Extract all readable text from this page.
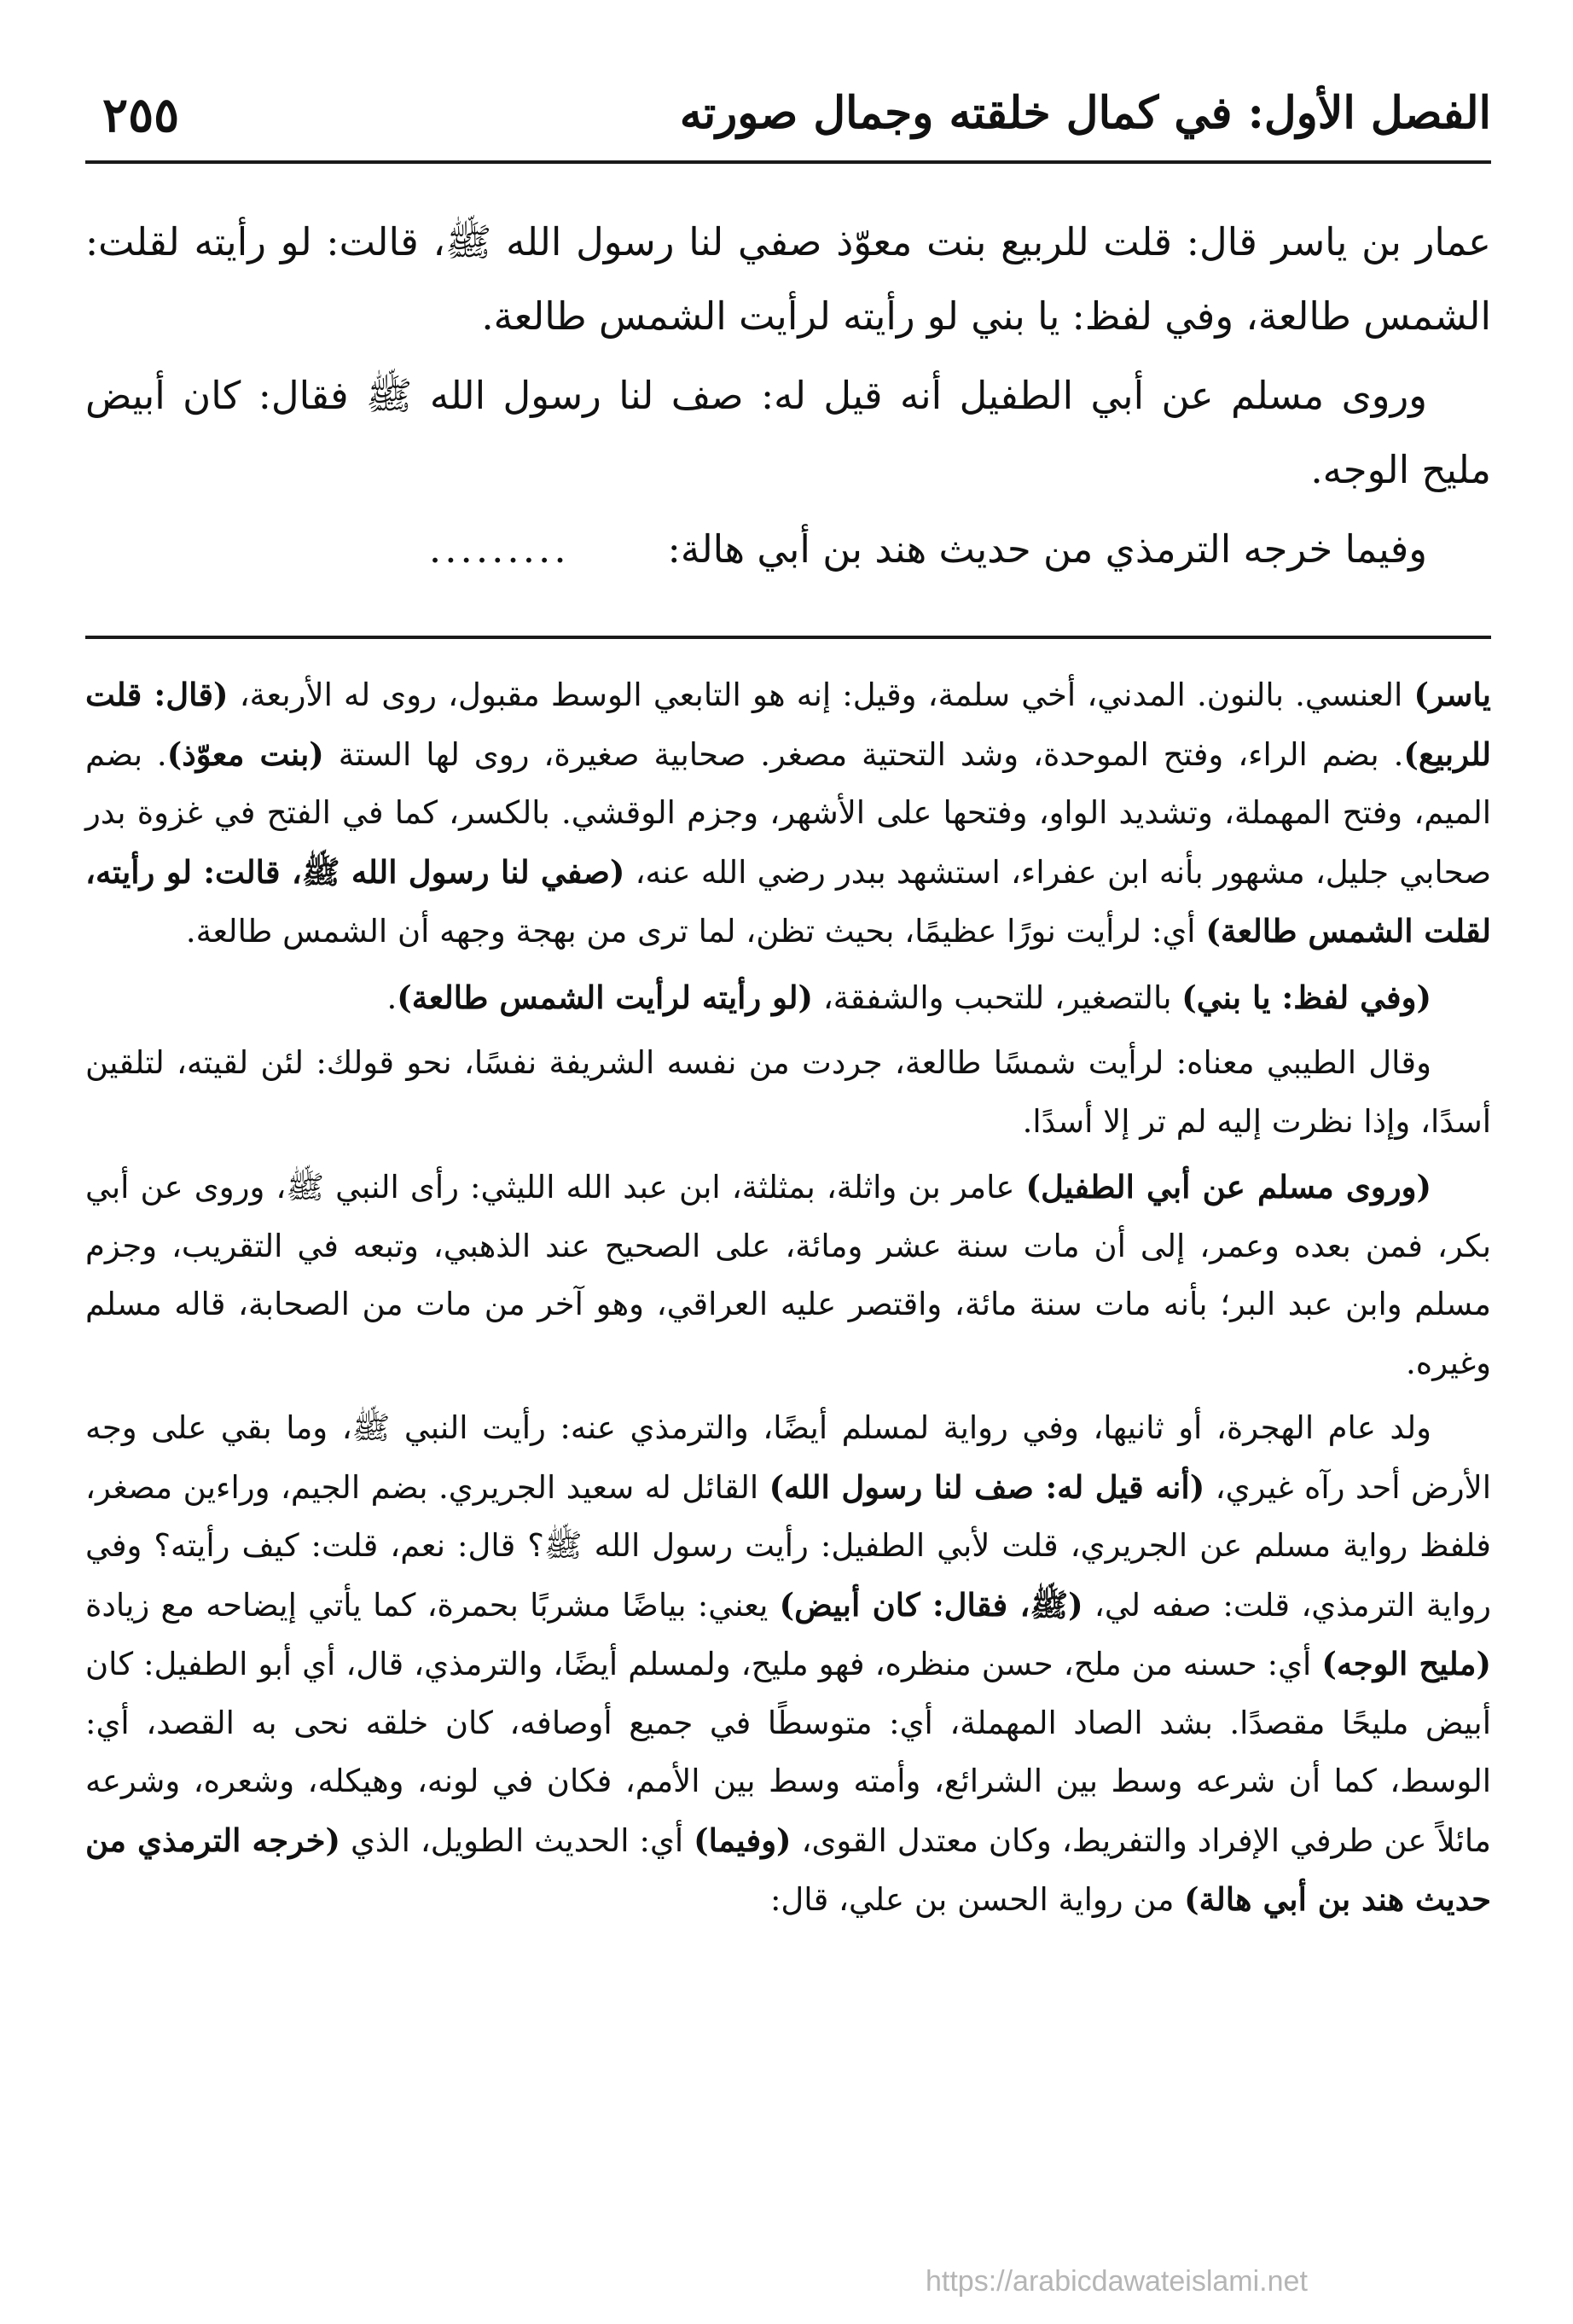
الفصل الأول: في كمال خلقته وجمال صورته
٢٥٥

عمار بن ياسر قال: قلت للربيع بنت معوّذ صفي لنا رسول الله ﷺ، قالت: لو رأيته لقلت: الشمس طالعة، وفي لفظ: يا بني لو رأيته لرأيت الشمس طالعة.

وروى مسلم عن أبي الطفيل أنه قيل له: صف لنا رسول الله ﷺ فقال: كان أبيض مليح الوجه.

وفيما خرجه الترمذي من حديث هند بن أبي هالة:.........

ياسر) العنسي. بالنون. المدني، أخي سلمة، وقيل: إنه هو التابعي الوسط مقبول، روى له الأربعة، (قال: قلت للربيع). بضم الراء، وفتح الموحدة، وشد التحتية مصغر. صحابية صغيرة، روى لها الستة (بنت معوّذ). بضم الميم، وفتح المهملة، وتشديد الواو، وفتحها على الأشهر، وجزم الوقشي. بالكسر، كما في الفتح في غزوة بدر صحابي جليل، مشهور بأنه ابن عفراء، استشهد ببدر رضي الله عنه، (صفي لنا رسول الله ﷺ، قالت: لو رأيته، لقلت الشمس طالعة) أي: لرأيت نورًا عظيمًا، بحيث تظن، لما ترى من بهجة وجهه أن الشمس طالعة.

(وفي لفظ: يا بني) بالتصغير، للتحبب والشفقة، (لو رأيته لرأيت الشمس طالعة).

وقال الطيبي معناه: لرأيت شمسًا طالعة، جردت من نفسه الشريفة نفسًا، نحو قولك: لئن لقيته، لتلقين أسدًا، وإذا نظرت إليه لم تر إلا أسدًا.

(وروى مسلم عن أبي الطفيل) عامر بن واثلة، بمثلثة، ابن عبد الله الليثي: رأى النبي ﷺ، وروى عن أبي بكر، فمن بعده وعمر، إلى أن مات سنة عشر ومائة، على الصحيح عند الذهبي، وتبعه في التقريب، وجزم مسلم وابن عبد البر؛ بأنه مات سنة مائة، واقتصر عليه العراقي، وهو آخر من مات من الصحابة، قاله مسلم وغيره.

ولد عام الهجرة، أو ثانيها، وفي رواية لمسلم أيضًا، والترمذي عنه: رأيت النبي ﷺ، وما بقي على وجه الأرض أحد رآه غيري، (أنه قيل له: صف لنا رسول الله) القائل له سعيد الجريري. بضم الجيم، وراءين مصغر، فلفظ رواية مسلم عن الجريري، قلت لأبي الطفيل: رأيت رسول الله ﷺ؟ قال: نعم، قلت: كيف رأيته؟ وفي رواية الترمذي، قلت: صفه لي، (ﷺ، فقال: كان أبيض) يعني: بياضًا مشربًا بحمرة، كما يأتي إيضاحه مع زيادة (مليح الوجه) أي: حسنه من ملح، حسن منظره، فهو مليح، ولمسلم أيضًا، والترمذي، قال، أي أبو الطفيل: كان أبيض مليحًا مقصدًا. بشد الصاد المهملة، أي: متوسطًا في جميع أوصافه، كان خلقه نحى به القصد، أي: الوسط، كما أن شرعه وسط بين الشرائع، وأمته وسط بين الأمم، فكان في لونه، وهيكله، وشعره، وشرعه مائلاً عن طرفي الإفراد والتفريط، وكان معتدل القوى، (وفيما) أي: الحديث الطويل، الذي (خرجه الترمذي من حديث هند بن أبي هالة) من رواية الحسن بن علي، قال:

https://arabicdawateislami.net
